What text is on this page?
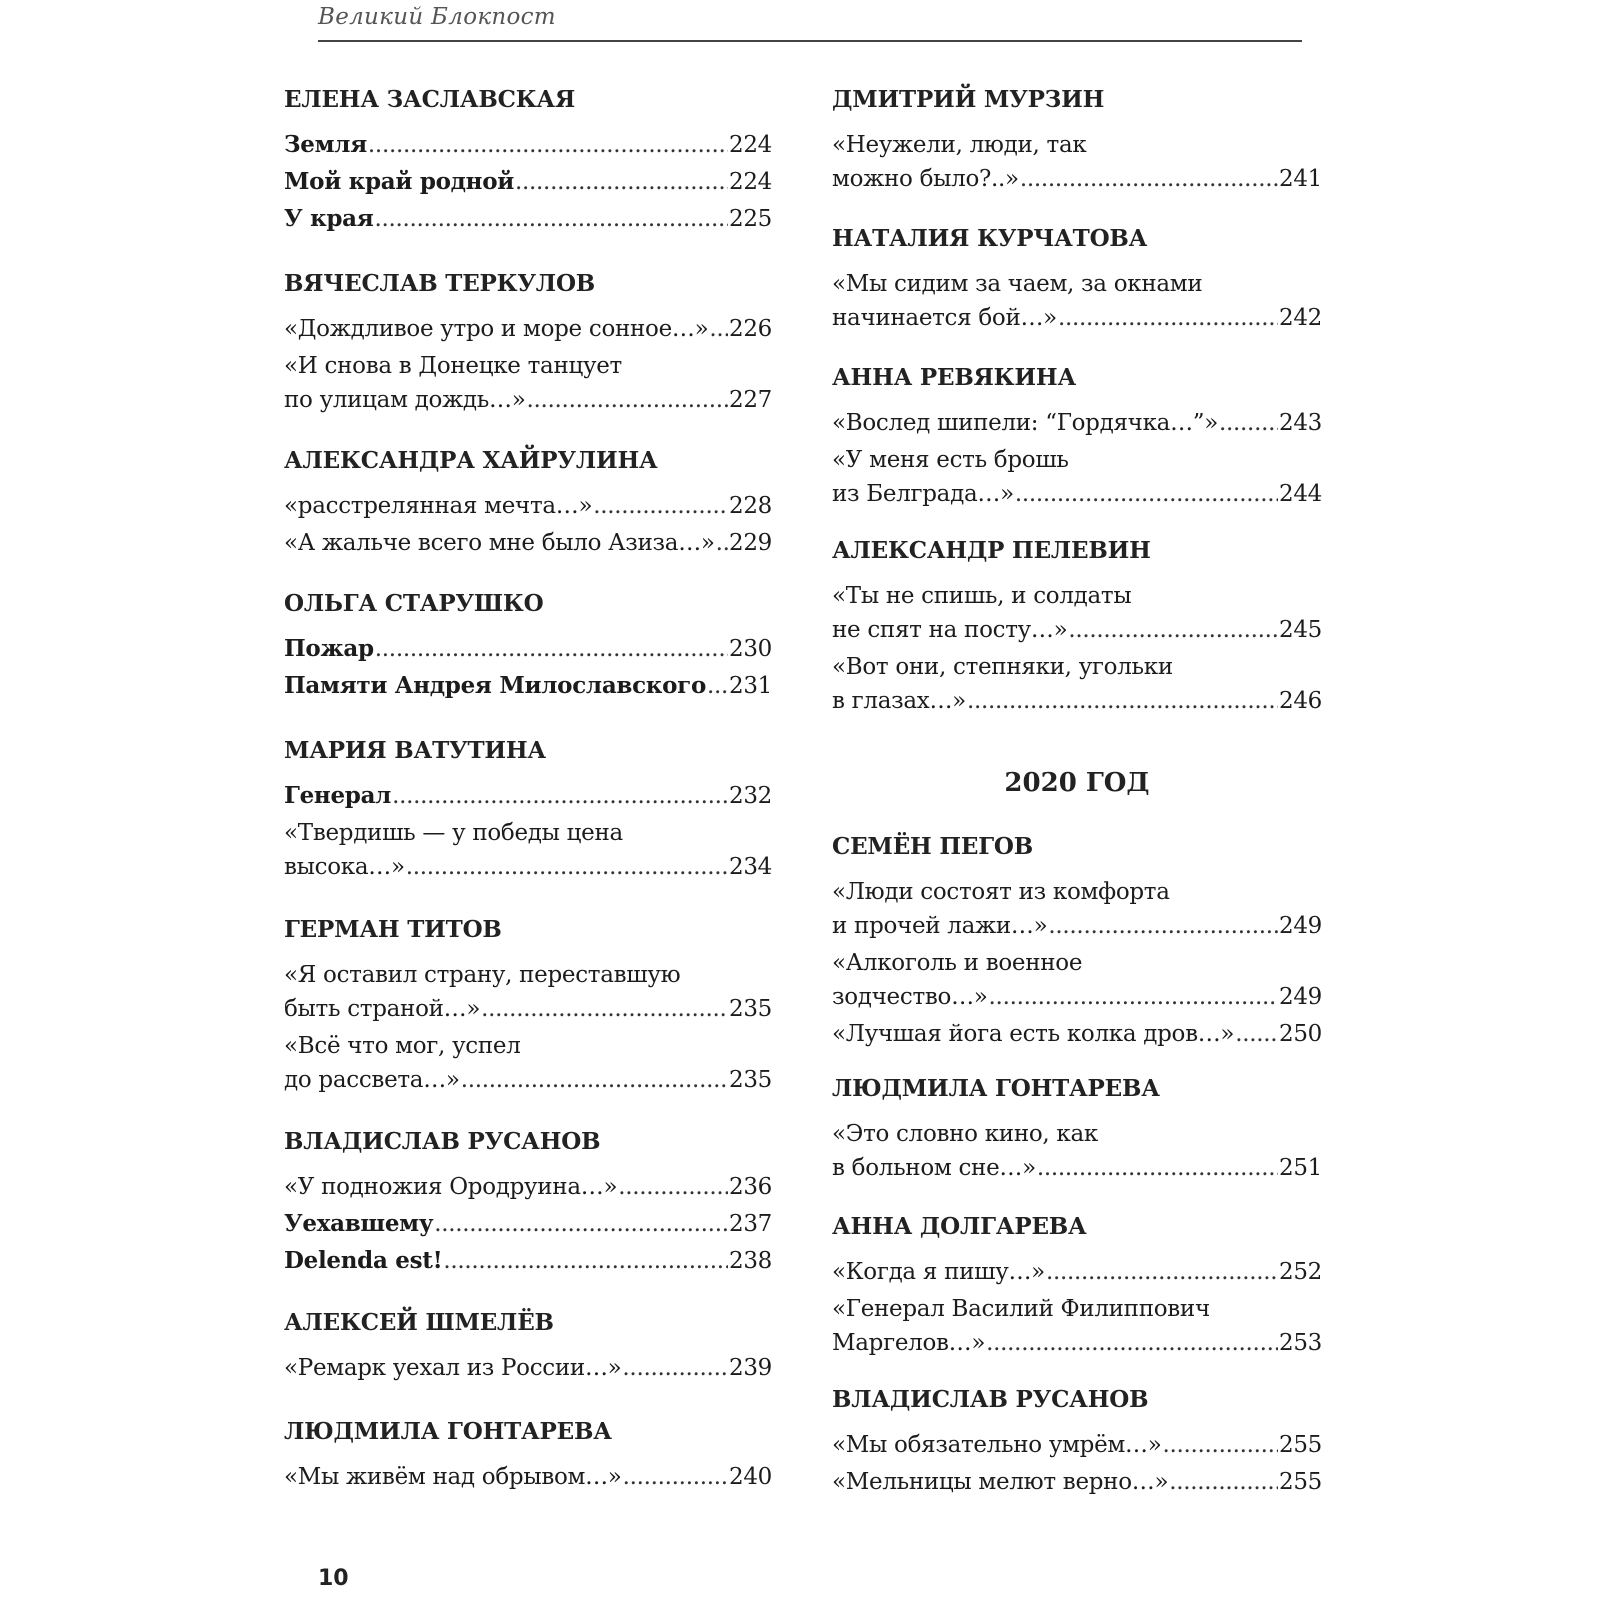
Великий Блокпост
ЕЛЕНА ЗАСЛАВСКАЯ
Земля .....	224
Мой край родной .....	224
У края .....	225
ВЯЧЕСЛАВ ТЕРКУЛОВ
«Дождливое утро и море сонное…» ..... 226
«И снова в Донецке танцует
по улицам дождь…» .....	227
АЛЕКСАНДРА ХАЙРУЛИНА
«расстрелянная мечта…» .....	228
«А жальче всего мне было Азиза…» ..... 229
ОЛЬГА СТАРУШКО
Пожар .....	230
Памяти Андрея Милославского ..... 231
МАРИЯ ВАТУТИНА
Генерал .....	232
«Твердишь — у победы цена
высока…» .....	234
ГЕРМАН ТИТОВ
«Я оставил страну, переставшую
быть страной…» .....	235
«Всё что мог, успел
до рассвета…» .....	235
ВЛАДИСЛАВ РУСАНОВ
«У подножия Ородруина…» .....	236
Уехавшему .....	237
Delenda est! .....	238
АЛЕКСЕЙ ШМЕЛЁВ
«Ремарк уехал из России…» .....	239
ЛЮДМИЛА ГОНТАРЕВА
«Мы живём над обрывом…» .....	240
ДМИТРИЙ МУРЗИН
«Неужели, люди, так
можно было?..» .....	241
НАТАЛИЯ КУРЧАТОВА
«Мы сидим за чаем, за окнами
начинается бой…» .....	242
АННА РЕВЯКИНА
«Вослед шипели: “Гордячка…”» .....	243
«У меня есть брошь
из Белграда…» .....	244
АЛЕКСАНДР ПЕЛЕВИН
«Ты не спишь, и солдаты
не спят на посту…» .....	245
«Вот они, степняки, угольки
в глазах…» .....	246
2020 ГОД
СЕМЁН ПЕГОВ
«Люди состоят из комфорта
и прочей лажи…» .....	249
«Алкоголь и военное
зодчество…» .....	249
«Лучшая йога есть колка дров…» ..... 250
ЛЮДМИЛА ГОНТАРЕВА
«Это словно кино, как
в больном сне…» .....	251
АННА ДОЛГАРЕВА
«Когда я пишу…» .....	252
«Генерал Василий Филиппович
Маргелов…» .....	253
ВЛАДИСЛАВ РУСАНОВ
«Мы обязательно умрём…» .....	255
«Мельницы мелют верно…» .....	255
10
